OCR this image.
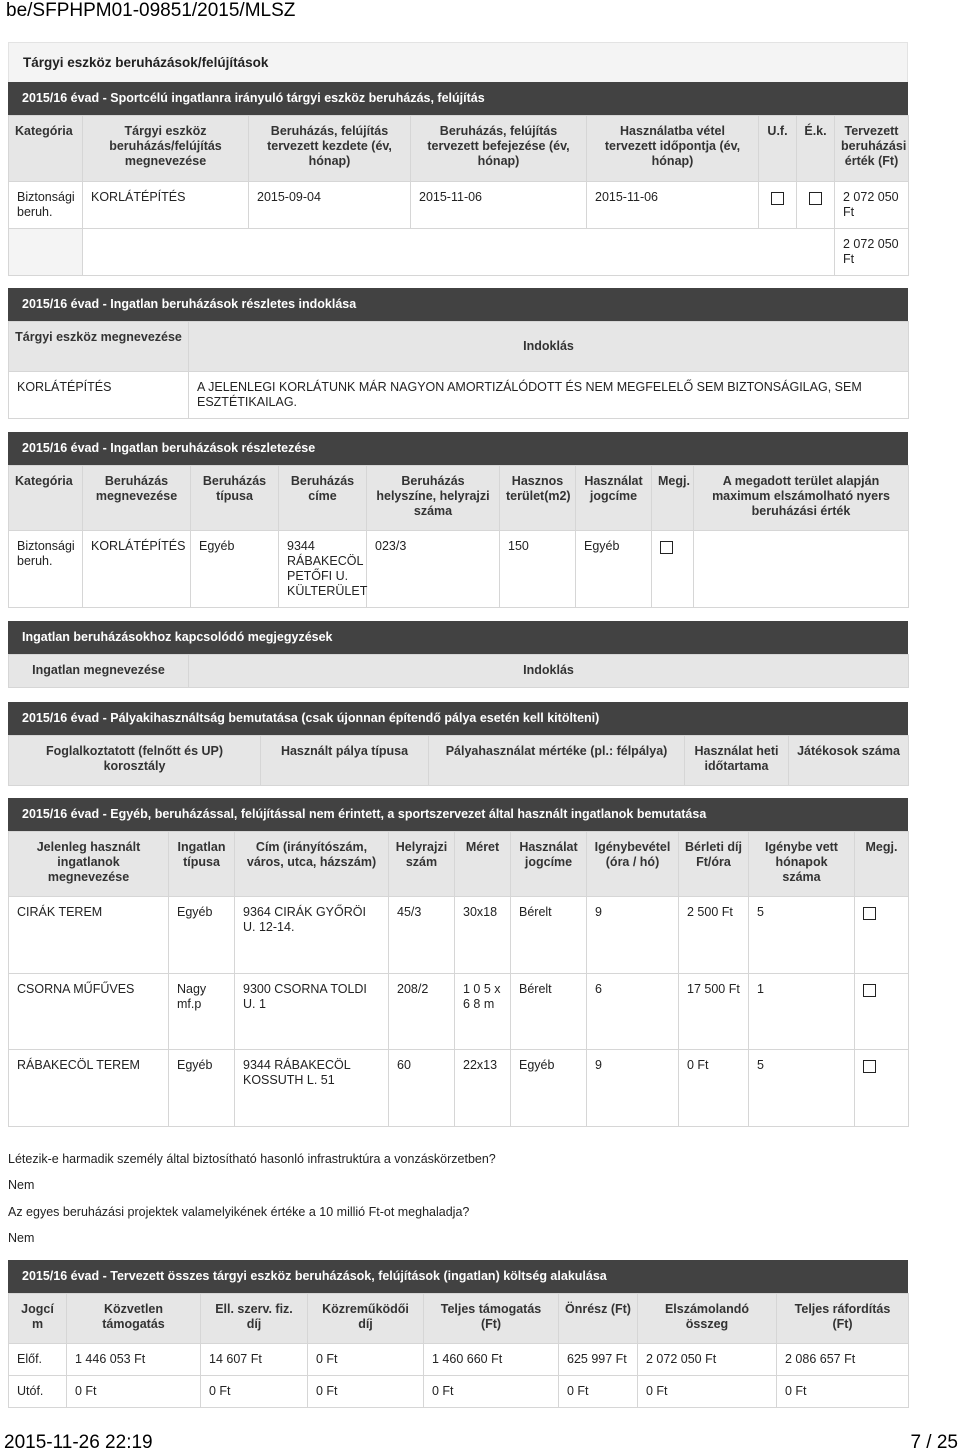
be/SFPHPM01-09851/2015/MLSZ
Tárgyi eszköz beruházások/felújítások
2015/16 évad - Sportcélú ingatlanra irányuló tárgyi eszköz beruházás, felújítás
Kategória	Tárgyi eszköz beruházás/felújítás megnevezése	Beruházás, felújítás tervezett kezdete (év, hónap)	Beruházás, felújítás tervezett befejezése (év, hónap)	Használatba vétel tervezett időpontja (év, hónap)	U.f.	É.k.	Tervezett beruházási érték (Ft)
Biztonsági beruh.	KORLÁTÉPÍTÉS	2015-09-04	2015-11-06	2015-11-06			2 072 050 Ft
							2 072 050 Ft
2015/16 évad - Ingatlan beruházások részletes indoklása
Tárgyi eszköz megnevezése	Indoklás
KORLÁTÉPÍTÉS	A JELENLEGI KORLÁTUNK MÁR NAGYON AMORTIZÁLÓDOTT ÉS NEM MEGFELELŐ SEM BIZTONSÁGILAG, SEM ESZTÉTIKAILAG.
2015/16 évad - Ingatlan beruházások részletezése
Kategória	Beruházás megnevezése	Beruházás típusa	Beruházás címe	Beruházás helyszíne, helyrajzi száma	Hasznos terület(m2)	Használat jogcíme	Megj.	A megadott terület alapján maximum elszámolható nyers beruházási érték
Biztonsági beruh.	KORLÁTÉPÍTÉS	Egyéb	9344 RÁBAKECÖL PETŐFI U. KÜLTERÜLET	023/3	150	Egyéb		
Ingatlan beruházásokhoz kapcsolódó megjegyzések
Ingatlan megnevezése	Indoklás
2015/16 évad - Pályakihasználtság bemutatása (csak újonnan építendő pálya esetén kell kitölteni)
Foglalkoztatott (felnőtt és UP) korosztály	Használt pálya típusa	Pályahasználat mértéke (pl.: félpálya)	Használat heti időtartama	Játékosok száma
2015/16 évad - Egyéb, beruházással, felújítással nem érintett, a sportszervezet által használt ingatlanok bemutatása
Jelenleg használt ingatlanok megnevezése	Ingatlan típusa	Cím (irányítószám, város, utca, házszám)	Helyrajzi szám	Méret	Használat jogcíme	Igénybevétel (óra / hó)	Bérleti díj Ft/óra	Igénybe vett hónapok száma	Megj.
CIRÁK TEREM	Egyéb	9364 CIRÁK GYŐRÖI U. 12-14.	45/3	30x18	Bérelt	9	2 500 Ft	5	
CSORNA MŰFŰVES	Nagy mf.p	9300 CSORNA TOLDI U. 1	208/2	1 0 5 x 6 8 m	Bérelt	6	17 500 Ft	1	
RÁBAKECÖL TEREM	Egyéb	9344 RÁBAKECÖL KOSSUTH L. 51	60	22x13	Egyéb	9	0 Ft	5	
Létezik-e harmadik személy által biztosítható hasonló infrastruktúra a vonzáskörzetben?
Nem
Az egyes beruházási projektek valamelyikének értéke a 10 millió Ft-ot meghaladja?
Nem
2015/16 évad - Tervezett összes tárgyi eszköz beruházások, felújítások (ingatlan) költség alakulása
Jogcí m	Közvetlen támogatás	Ell. szerv. fiz. díj	Közreműködői díj	Teljes támogatás (Ft)	Önrész (Ft)	Elszámolandó összeg	Teljes ráfordítás (Ft)
Előf.	1 446 053 Ft	14 607 Ft	0 Ft	1 460 660 Ft	625 997 Ft	2 072 050 Ft	2 086 657 Ft
Utóf.	0 Ft	0 Ft	0 Ft	0 Ft	0 Ft	0 Ft	0 Ft
2015-11-26 22:19	7 / 25
